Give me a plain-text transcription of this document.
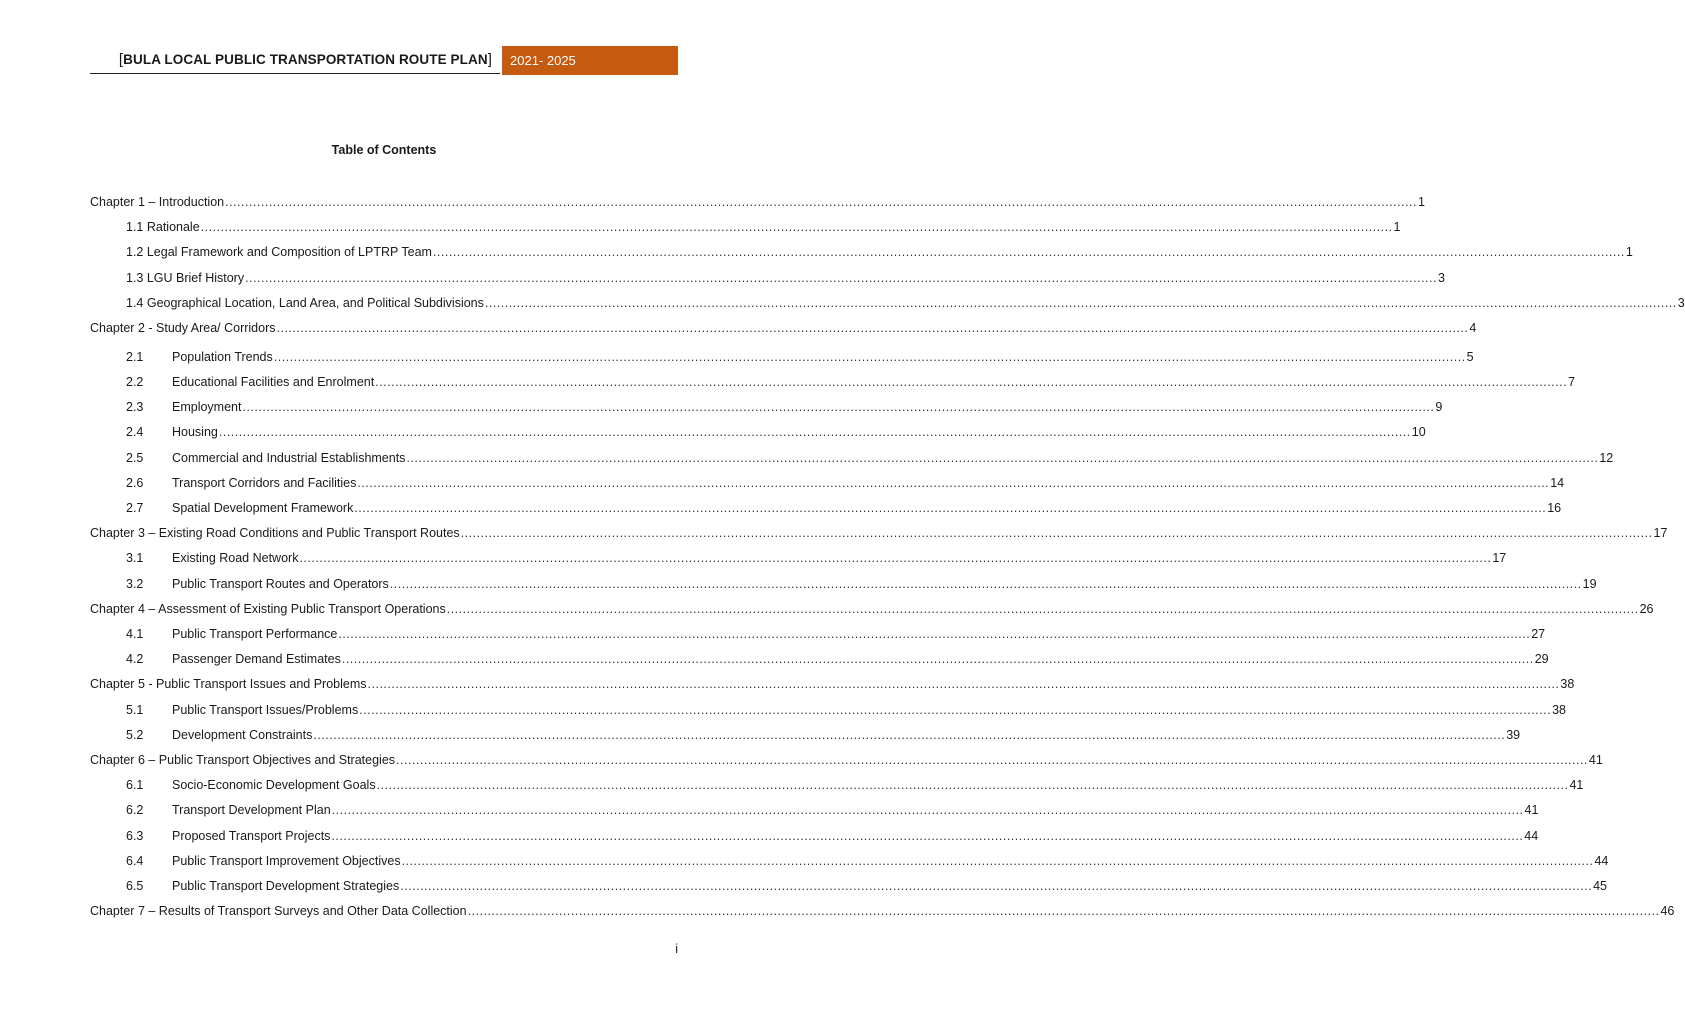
[BULA LOCAL PUBLIC TRANSPORTATION ROUTE PLAN]	2021- 2025
Table of Contents
Chapter 1 – Introduction ............................................................................................................................................................................................................................................................................................................ 1
1.1 Rationale ............................................................................................................................................................................................................................................................................................................ 1
1.2 Legal Framework and Composition of LPTRP Team ............................................................................................................................................................................................................................................................................................................ 1
1.3 LGU Brief History ............................................................................................................................................................................................................................................................................................................ 3
1.4 Geographical Location, Land Area, and Political Subdivisions ............................................................................................................................................................................................................................................................................................................ 3
Chapter 2 - Study Area/ Corridors ............................................................................................................................................................................................................................................................................................................ 4
2.1	Population Trends ............................................................................................................................................................................................................................................................................................................ 5
2.2	Educational Facilities and Enrolment ............................................................................................................................................................................................................................................................................................................ 7
2.3	Employment ............................................................................................................................................................................................................................................................................................................ 9
2.4	Housing ............................................................................................................................................................................................................................................................................................................ 10
2.5	Commercial and Industrial Establishments ............................................................................................................................................................................................................................................................................................................ 12
2.6	Transport Corridors and Facilities ............................................................................................................................................................................................................................................................................................................ 14
2.7	Spatial Development Framework ............................................................................................................................................................................................................................................................................................................ 16
Chapter 3 – Existing Road Conditions and Public Transport Routes ............................................................................................................................................................................................................................................................................................................ 17
3.1	Existing Road Network ............................................................................................................................................................................................................................................................................................................ 17
3.2	Public Transport Routes and Operators ............................................................................................................................................................................................................................................................................................................ 19
Chapter 4 – Assessment of Existing Public Transport Operations ............................................................................................................................................................................................................................................................................................................ 26
4.1	Public Transport Performance ............................................................................................................................................................................................................................................................................................................ 27
4.2	Passenger Demand Estimates ............................................................................................................................................................................................................................................................................................................ 29
Chapter 5 - Public Transport Issues and Problems ............................................................................................................................................................................................................................................................................................................ 38
5.1	Public Transport Issues/Problems ............................................................................................................................................................................................................................................................................................................ 38
5.2	Development Constraints ............................................................................................................................................................................................................................................................................................................ 39
Chapter 6 – Public Transport Objectives and Strategies ............................................................................................................................................................................................................................................................................................................ 41
6.1	Socio-Economic Development Goals ............................................................................................................................................................................................................................................................................................................ 41
6.2	Transport Development Plan ............................................................................................................................................................................................................................................................................................................ 41
6.3	Proposed Transport Projects ............................................................................................................................................................................................................................................................................................................ 44
6.4	Public Transport Improvement Objectives ............................................................................................................................................................................................................................................................................................................ 44
6.5	Public Transport Development Strategies ............................................................................................................................................................................................................................................................................................................ 45
Chapter 7 – Results of Transport Surveys and Other Data Collection ............................................................................................................................................................................................................................................................................................................ 46
i
